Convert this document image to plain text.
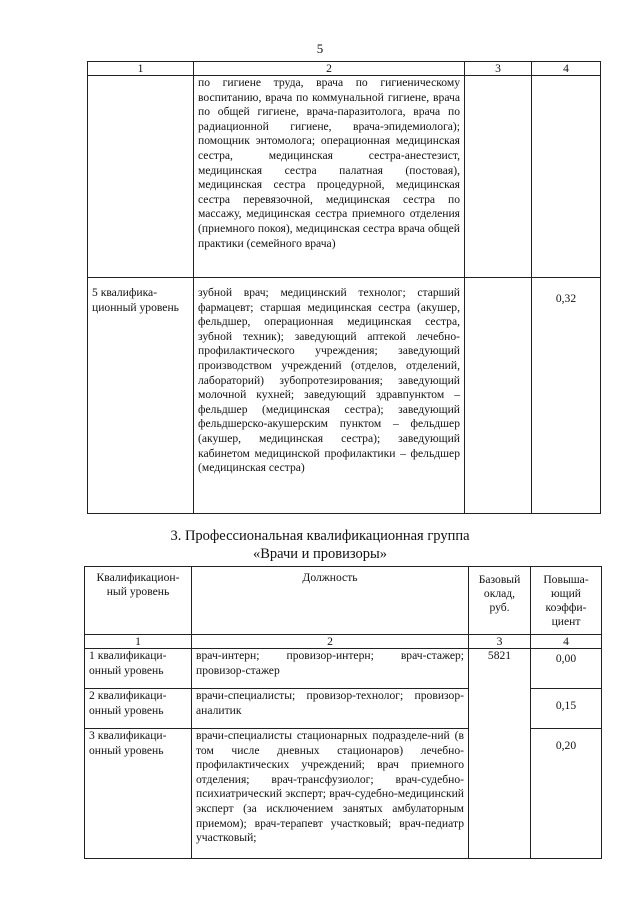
5
1	2	3	4
	по гигиене труда, врача по гигиеническому воспитанию, врача по коммунальной гигиене, врача по общей гигиене, врача-паразитолога, врача по радиационной гигиене, врача-эпидемиолога); помощник энтомолога; операционная медицинская сестра, медицинская сестра-анестезист, медицинская сестра палатная (постовая), медицинская сестра процедурной, медицинская сестра перевязочной, медицинская сестра по массажу, медицинская сестра приемного отделения (приемного покоя), медицинская сестра врача общей практики (семейного врача)		
5 квалифика-ционный уровень	зубной врач; медицинский технолог; старший фармацевт; старшая медицинская сестра (акушер, фельдшер, операционная медицинская сестра, зубной техник); заведующий аптекой лечебно-профилактического учреждения; заведующий производством учреждений (отделов, отделений, лабораторий) зубопротезирования; заведующий молочной кухней; заведующий здравпунктом – фельдшер (медицинская сестра); заведующий фельдшерско-акушерским пунктом – фельдшер (акушер, медицинская сестра); заведующий кабинетом медицинской профилактики – фельдшер (медицинская сестра)		0,32
3. Профессиональная квалификационная группа
«Врачи и провизоры»
Квалификацион-ный уровень	Должность	Базовый оклад, руб.	Повыша-ющий коэффи-циент
1	2	3	4
1 квалификаци-онный уровень	врач-интерн; провизор-интерн; врач-стажер; провизор-стажер	5821	0,00
2 квалификаци-онный уровень	врачи-специалисты; провизор-технолог; провизор-аналитик		0,15
3 квалификаци-онный уровень	врачи-специалисты стационарных подразделе-ний (в том числе дневных стационаров) лечебно-профилактических учреждений; врач приемного отделения; врач-трансфузиолог; врач-судебно-психиатрический эксперт; врач-судебно-медицинский эксперт (за исключением занятых амбулаторным приемом); врач-терапевт участковый; врач-педиатр участковый;		0,20
